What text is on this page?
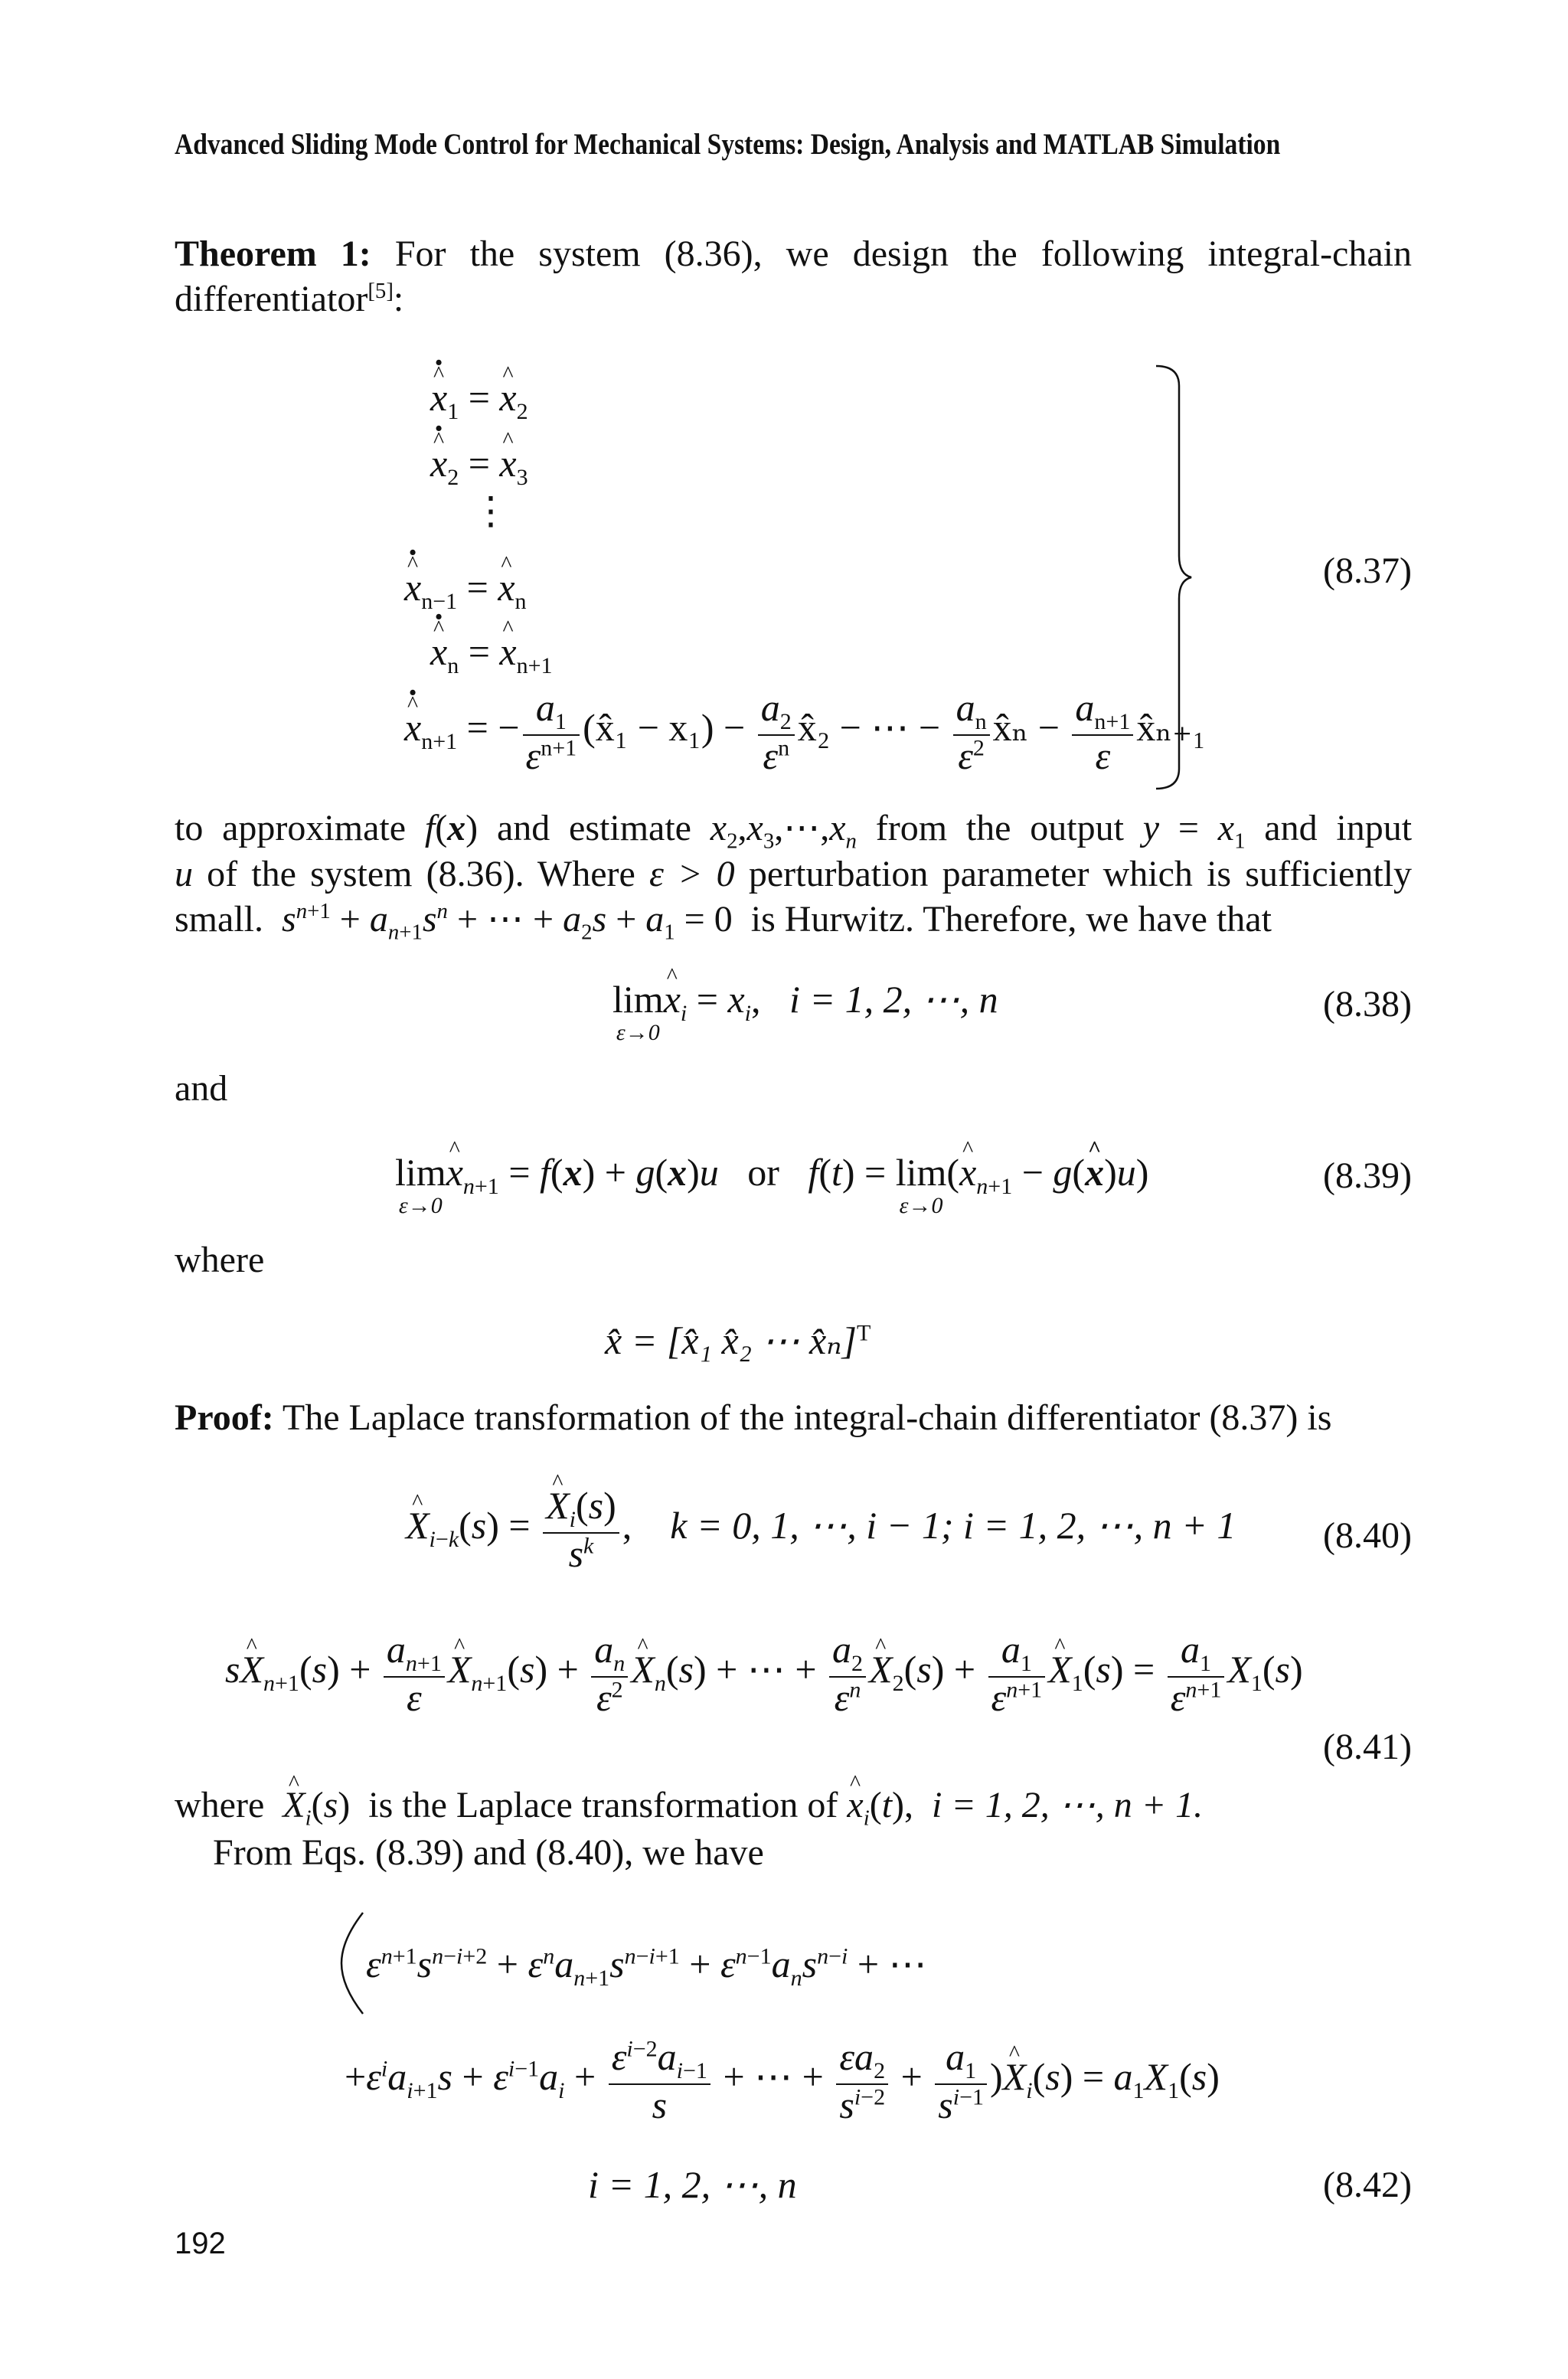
Advanced Sliding Mode Control for Mechanical Systems: Design, Analysis and MATLAB Simulation
Theorem 1: For the system (8.36), we design the following integral-chain
differentiator[5]:
^ $x \cdot_1$ = ^ $x_2$
^ $x \cdot_2$ = ^ $x_3$
⋮
^ $x \cdot_{n-1}$ = ^ $x_n$
^ $x \cdot_n$ = ^ $x_{n+1}$
^ $x \cdot_{n+1}$ = − $\frac{a_1}{\varepsilon^{n+1}}$ (x̂₁ − $x_1) - \frac{a_2}{\varepsilon^n}$ x̂₂ − ⋯ − $\frac{a_n}{\varepsilon^2}$ x̂ₙ − $\frac{a_{n+1}}{\varepsilon}$ x̂ₙ₊₁
(8.37)
to approximate f(x) and estimate $x_2,x_3,\cdots,x_n$ from the output $y = x_1$ and input
u of the system (8.36). Where ε > 0 perturbation parameter which is sufficiently
small. $s^{n+1} + a_{n+1}s^n$ + ⋯ + $a_2s + a_1 = 0$  is Hurwitz. Therefore, we have that
lim
ε→0
^ $x_i = x_i$,   i = 1, 2, ⋯, n	(8.38)
and
lim
ε→0
^ $x_{n+1} = f(x) + g(x)u$ or f(t) = lim
ε→0
(^ $x_{n+1}$ − g(^ x)u)	(8.39)
where
x̂ = [x̂₁ x̂₂ ⋯ x̂ₙ]$^T$
Proof: The Laplace transformation of the integral-chain differentiator (8.37) is
^ $X_{i-k}(s)$ = ^ $\frac{X_i(s)}{s^k}$ ,    k = 0, 1, ⋯, i − 1; i = 1, 2, ⋯, n + 1 (8.40)
s^ $X_{n+1}(s) + \frac{a_{n+1}}{\varepsilon}$ ^ $X_{n+1}(s) + \frac{a_n}{\varepsilon^2}$ ^ $X_n(s)$ + ⋯ + $\frac{a_2}{\varepsilon^n}$ ^ $X_2(s) + \frac{a_1}{\varepsilon^{n+1}}$ ^ $X_1(s) = \frac{a_1}{\varepsilon^{n+1}} X_1(s)$
(8.41)
where ^ $X_i(s)$  is the Laplace transformation of ^ $x_i(t)$,  i = 1, 2, ⋯, n + 1.
From Eqs. (8.39) and (8.40), we have
$\varepsilon^{n+1}s^{n-i+2} + \varepsilon^na_{n+1}s^{n-i+1} + \varepsilon^{n-1}a_ns^{n-i}$ + ⋯
$+\varepsilon^ia_{i+1}s + \varepsilon^{i-1}a_i + \frac{\varepsilon^{i-2}a_{i-1}}{s}$ + ⋯ + $\frac{\varepsilon a_2}{s^{i-2}} + \frac{a_1}{s^{i-1}}$ )^ $X_i(s) = a_1X_1(s)$
i = 1, 2, ⋯, n	(8.42)
192
